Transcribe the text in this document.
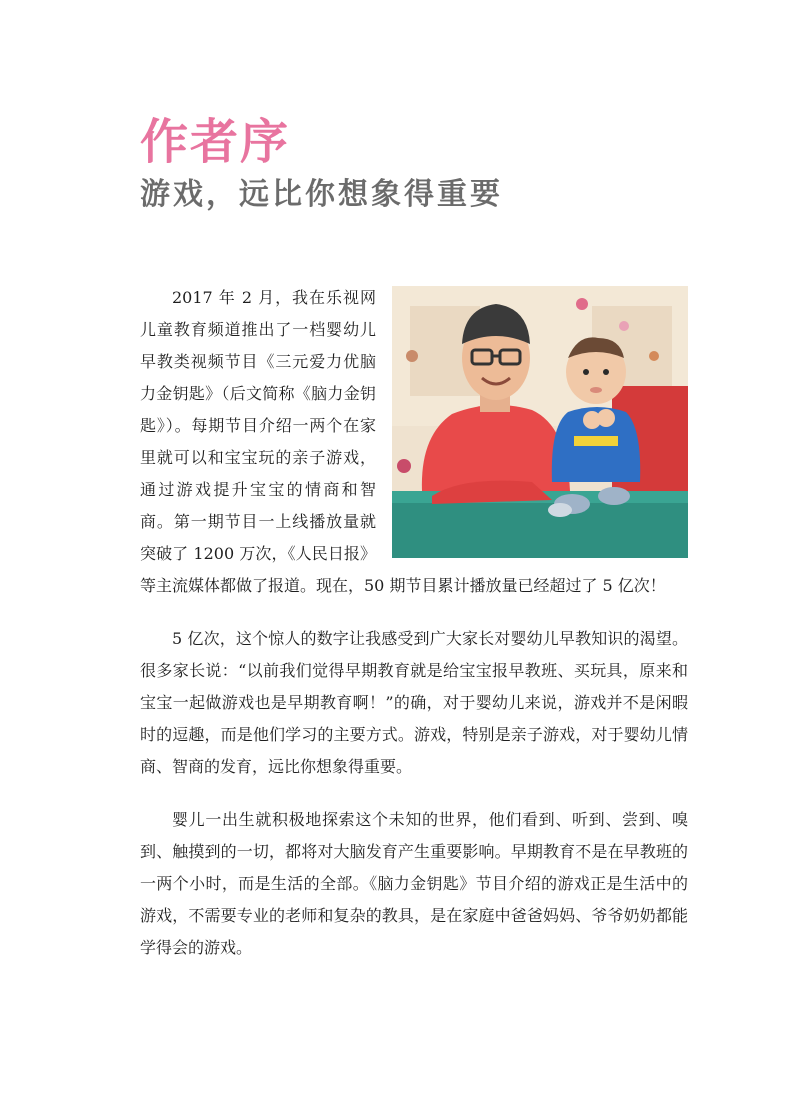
作者序
游戏，远比你想象得重要

2017 年 2 月，我在乐视网儿童教育频道推出了一档婴幼儿早教类视频节目《三元爱力优脑力金钥匙》（后文简称《脑力金钥匙》）。每期节目介绍一两个在家里就可以和宝宝玩的亲子游戏，通过游戏提升宝宝的情商和智商。第一期节目一上线播放量就突破了 1200 万次，《人民日报》等主流媒体都做了报道。现在，50 期节目累计播放量已经超过了 5 亿次！

5 亿次，这个惊人的数字让我感受到广大家长对婴幼儿早教知识的渴望。很多家长说：“以前我们觉得早期教育就是给宝宝报早教班、买玩具，原来和宝宝一起做游戏也是早期教育啊！”的确，对于婴幼儿来说，游戏并不是闲暇时的逗趣，而是他们学习的主要方式。游戏，特别是亲子游戏，对于婴幼儿情商、智商的发育，远比你想象得重要。

婴儿一出生就积极地探索这个未知的世界，他们看到、听到、尝到、嗅到、触摸到的一切，都将对大脑发育产生重要影响。早期教育不是在早教班的一两个小时，而是生活的全部。《脑力金钥匙》节目介绍的游戏正是生活中的游戏，不需要专业的老师和复杂的教具，是在家庭中爸爸妈妈、爷爷奶奶都能学得会的游戏。
